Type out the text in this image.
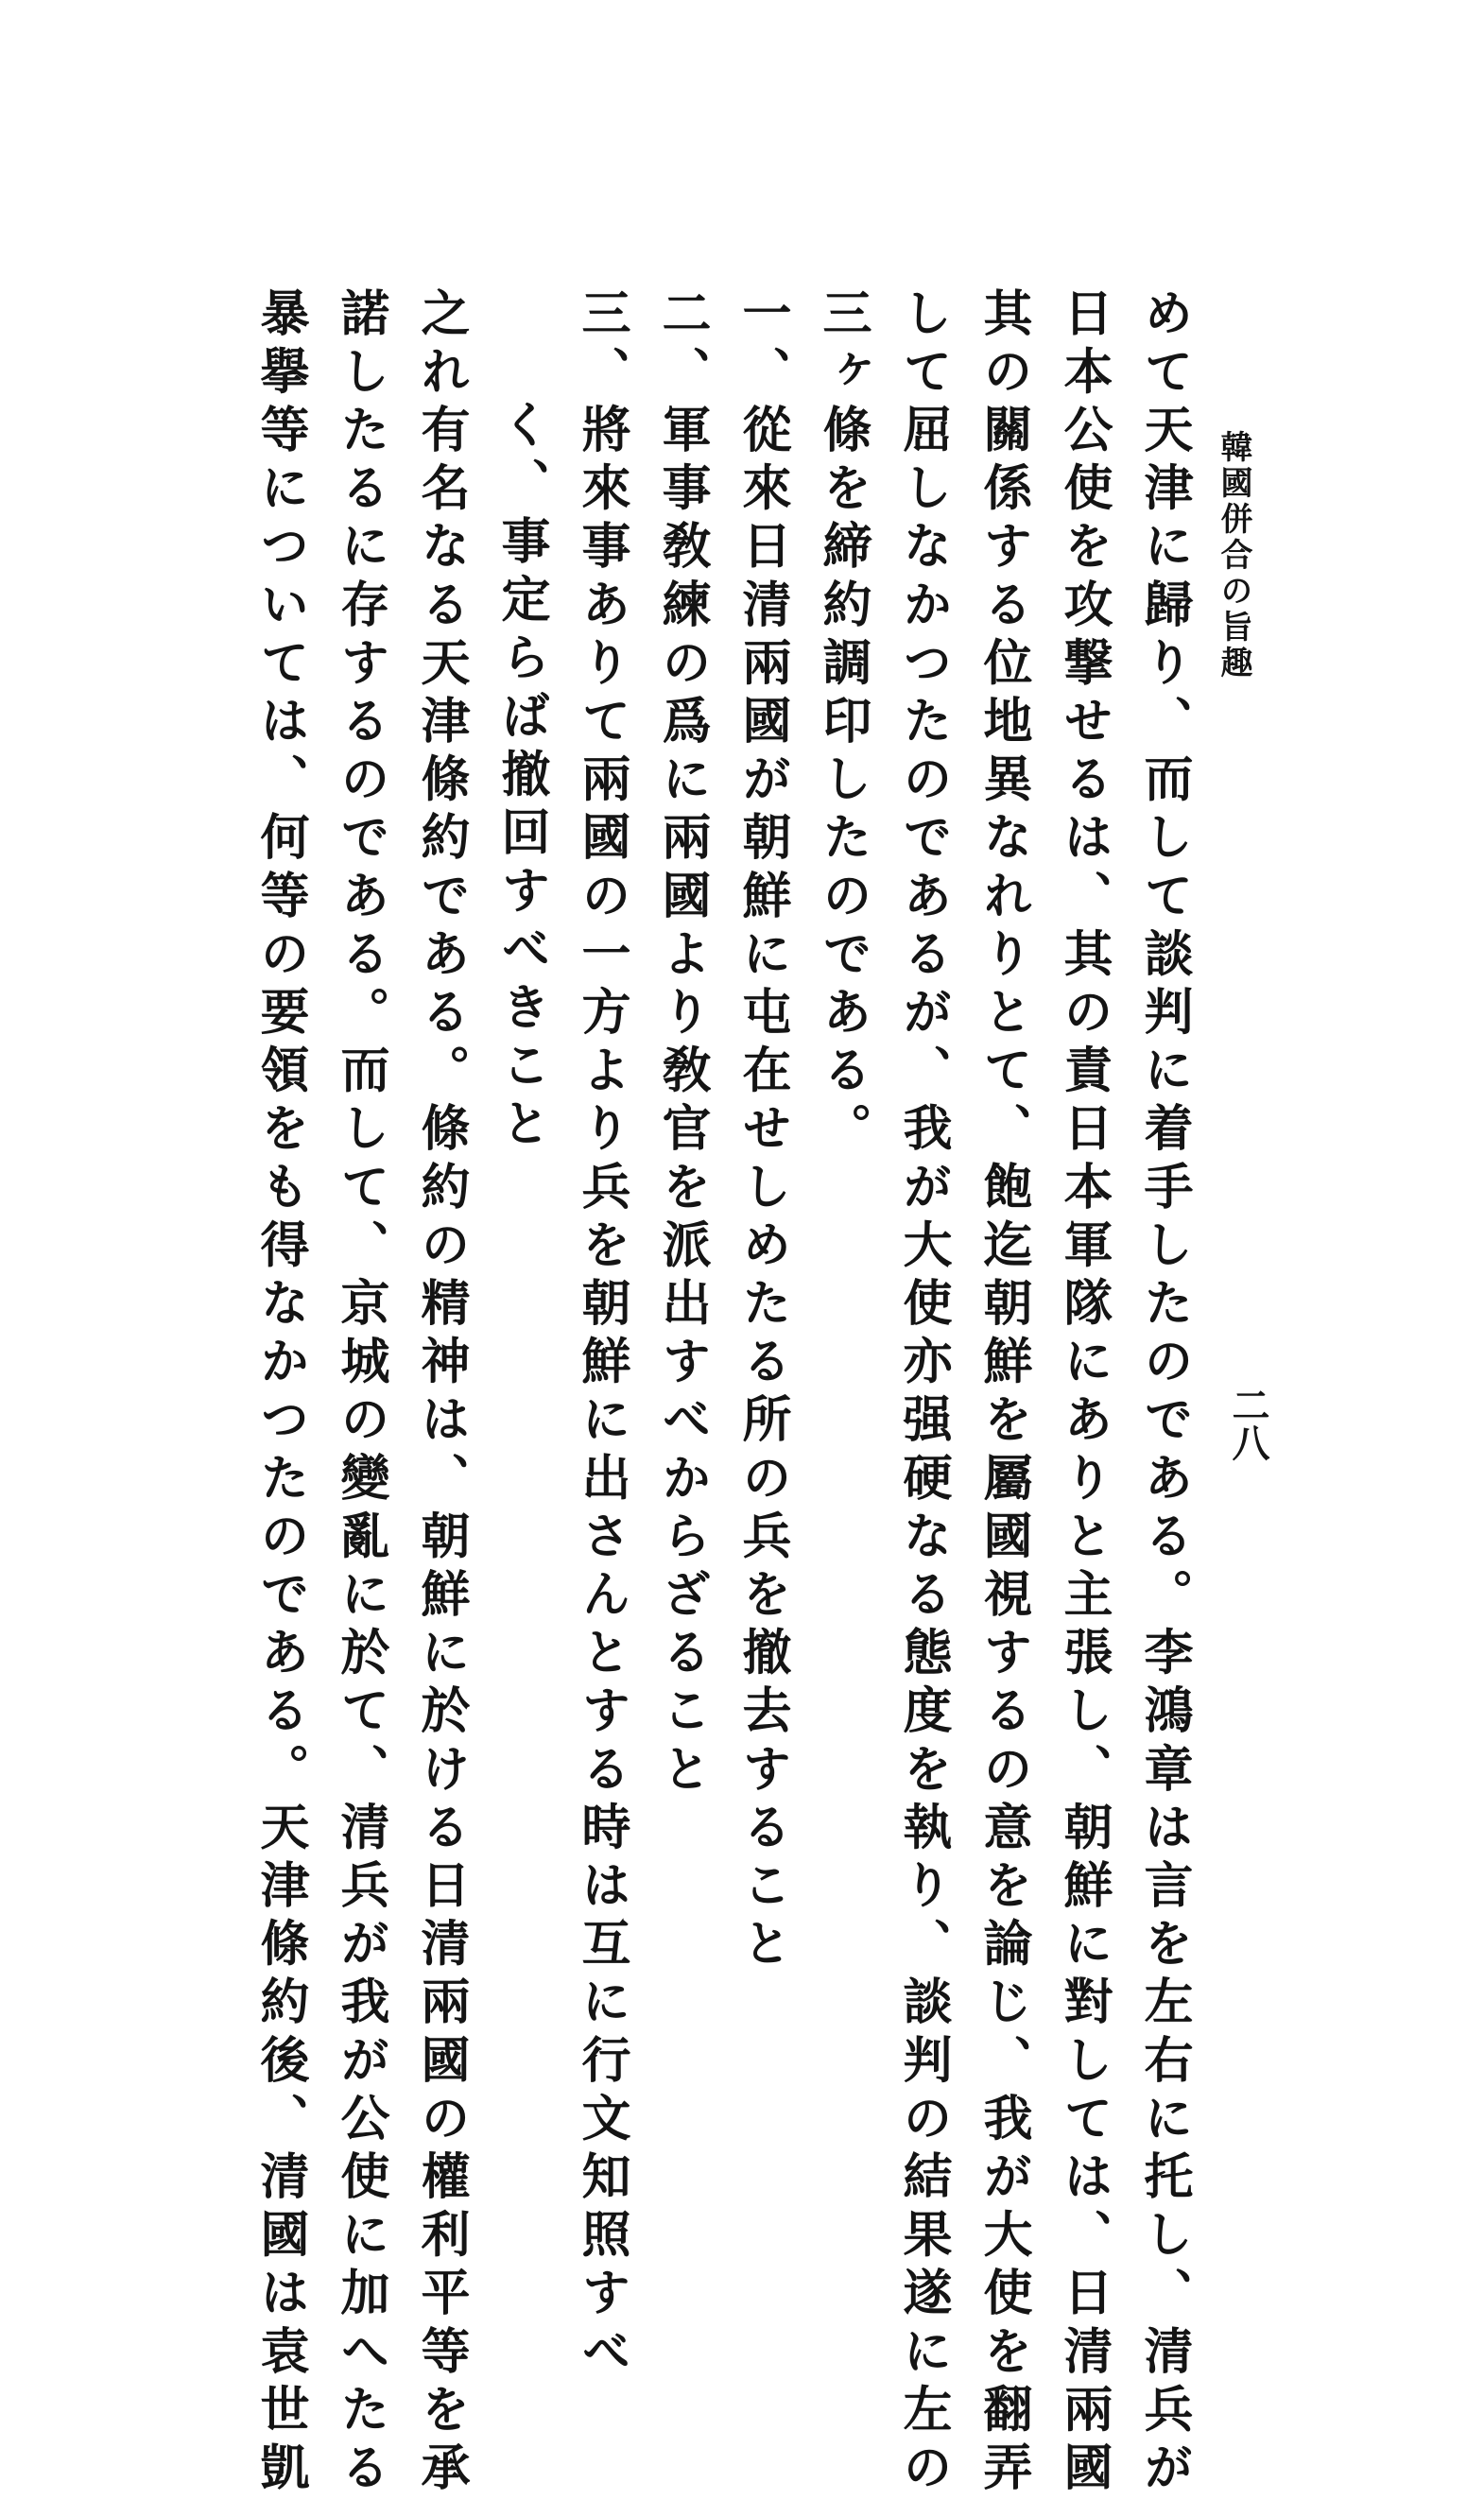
韓國併合の旨趣
二八
めて天津に歸り、而して談判に着手したのである。李鴻章は言を左右に托し、清兵が
日本公使を攻撃せるは、其の責日本軍隊にありと主張し、朝鮮に對しては、日清兩國
其の關係する位地異なれりとて、飽迄朝鮮を屬國視するの意を論じ、我が大使を翻弄
して屈しなかつたのであるが、我が大使亦强硬なる態度を執り、談判の結果遂に左の
三ヶ條を締約調印したのである。
一、從來日清兩國が朝鮮に屯在せしめたる所の兵を撤去すること
二、軍事敎練の爲に兩國より敎官を派出すべからざること
三、將來事ありて兩國の一方より兵を朝鮮に出さんとする時は互に行文知照すべ
く、事定らば撤回すべきこと
之れ有名なる天津條約である。條約の精神は、朝鮮に於ける日清兩國の權利平等を承
諾したるに存するのである。而して、京城の變亂に於て、清兵が我が公使に加へたる
暴擧等については、何等の要領をも得なかつたのである。天津條約後、清國は袁世凱
